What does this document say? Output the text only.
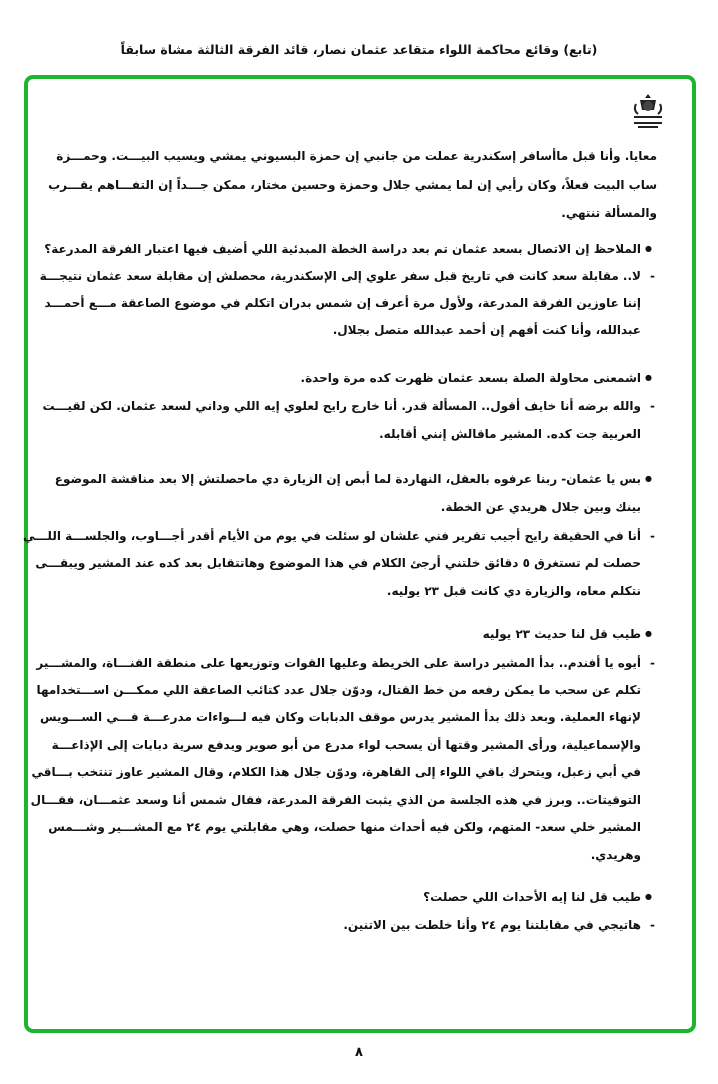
(تابع) وقائع محاكمة اللواء متقاعد عثمان نصار، قائد الفرقة الثالثة مشاة سابقاً
معايا. وأنا قبل ماأسافر إسكندرية عملت من جانبي إن حمزة البسيوني يمشي ويسيب البيـــت. وحمـــزة
ساب البيت فعلاً، وكان رأيي إن لما يمشي جلال وحمزة وحسين مختار، ممكن جـــداً إن التفـــاهم يقـــرب
والمسألة تنتهي.
●
الملاحظ إن الاتصال بسعد عثمان تم بعد دراسة الخطة المبدئية اللي أضيف فيها اعتبار الفرقة المدرعة؟
-
لا.. مقابلة سعد كانت في تاريخ قبل سفر علوي إلى الإسكندرية، محصلش إن مقابلة سعد عثمان نتيجـــة
إننا عاوزين الفرقة المدرعة، ولأول مرة أعرف إن شمس بدران اتكلم في موضوع الصاعقة مـــع أحمـــد
عبدالله، وأنا كنت أفهم إن أحمد عبدالله متصل بجلال.
●
اشمعنى محاولة الصلة بسعد عثمان ظهرت كده مرة واحدة.
-
والله برضه أنا خايف أقول.. المسألة قدر. أنا خارج رايح لعلوي إيه اللي وداني لسعد عثمان. لكن لقيـــت
العربية جت كده. المشير ماقالش إنني أقابله.
●
بس يا عثمان- ربنا عرفوه بالعقل، النهاردة لما أبص إن الزيارة دي ماحصلتش إلا بعد مناقشة الموضوع
بينك وبين جلال هريدي عن الخطة.
-
أنا في الحقيقة رايح أجيب تقرير فني علشان لو سئلت في يوم من الأيام أقدر أجـــاوب، والجلســـة اللـــي
حصلت لم تستغرق ٥ دقائق خلتني أرجئ الكلام في هذا الموضوع وهاتتقابل بعد كده عند المشير ويبقـــى
نتكلم معاه، والزيارة دي كانت قبل ٢٣ يوليه.
●
طيب قل لنا حديث ٢٣ يوليه
-
أيوه يا أفندم.. بدأ المشير دراسة على الخريطة وعليها القوات وتوزيعها على منطقة القنـــاة، والمشـــير
تكلم عن سحب ما يمكن رفعه من خط القتال، ودوّن جلال عدد كتائب الصاعقة اللي ممكـــن اســـتخدامها
لإنهاء العملية. وبعد ذلك بدأ المشير يدرس موقف الدبابات وكان فيه لـــواءات مدرعـــة فـــي الســـويس
والإسماعيلية، ورأى المشير وقتها أن يسحب لواء مدرع من أبو صوير ويدفع سرية دبابات إلى الإذاعـــة
في أبي زعبل، ويتحرك باقي اللواء إلى القاهرة، ودوّن جلال هذا الكلام، وقال المشير عاوز تنتخب بـــاقي
التوقيتات.. وبرز في هذه الجلسة من الذي يثبت الفرقة المدرعة، فقال شمس أنا وسعد عثمـــان، فقـــال
المشير خلي سعد- المتهم، ولكن فيه أحداث منها حصلت، وهي مقابلتي يوم ٢٤ مع المشـــير وشـــمس
وهريدي.
●
طيب قل لنا إيه الأحداث اللي حصلت؟
-
هاتيجي في مقابلتنا يوم ٢٤ وأنا خلطت بين الاتنين.
٨
